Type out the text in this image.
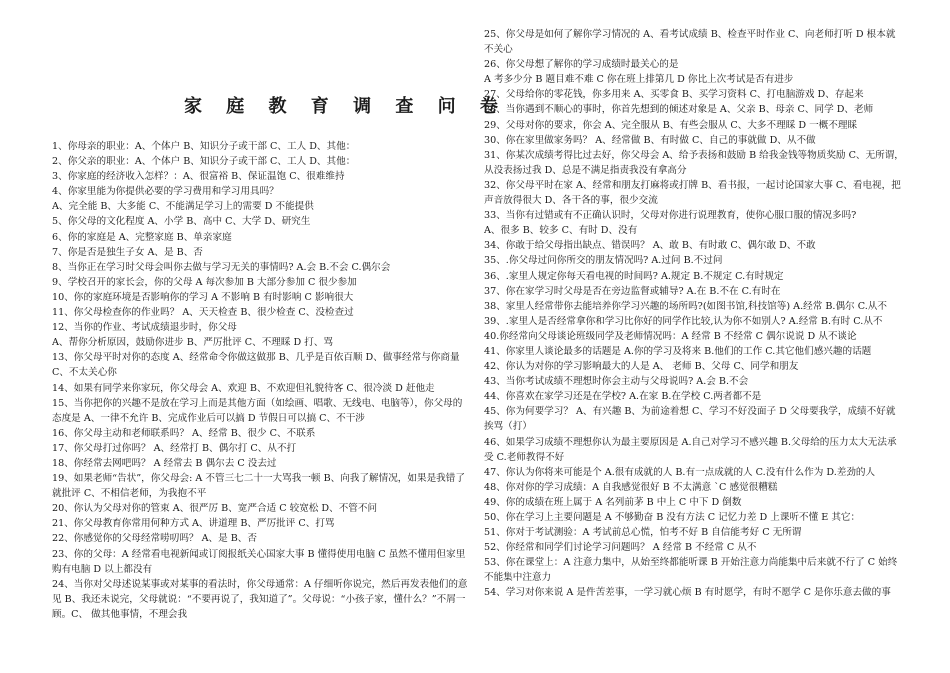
家 庭 教 育 调 查 问 卷

1、你母亲的职业：A、个体户 B、知识分子或干部 C、工人 D、其他：

2、你父亲的职业：A、个体户 B、知识分子或干部 C、工人 D、其他：

3、你家庭的经济收入怎样？：A、很富裕 B、保证温饱 C、很难维持

4、你家里能为你提供必要的学习费用和学习用具吗？

A、完全能 B、大多能 C、不能满足学习上的需要 D 不能提供

5、你父母的文化程度 A、小学 B、高中 C、大学 D、研究生

6、你的家庭是 A、完整家庭 B、单亲家庭

7、你是否是独生子女 A、是 B、否

8、当你正在学习时父母会叫你去做与学习无关的事情吗? A.会 B.不会 C.偶尔会

9、学校召开的家长会，你的父母 A 每次参加 B 大部分参加 C 很少参加

10、你的家庭环境是否影响你的学习 A 不影响 B 有时影响 C 影响很大

11、你父母检查你的作业吗？ A、天天检查 B、很少检查 C、没检查过

12、当你的作业、考试成绩退步时，你父母

A、帮你分析原因，鼓励你进步 B、严厉批评 C、不理睬 D 打、骂

13、你父母平时对你的态度 A、经常命令你做这做那 B、几乎是百依百顺 D、做事经常与你商量 C、不太关心你

14、如果有同学来你家玩，你父母会 A、欢迎 B、不欢迎但礼貌待客 C、很冷淡 D 赶他走

15、当你把你的兴趣不是放在学习上而是其他方面（如绘画、唱歌、无线电、电脑等），你父母的态度是 A、一律不允许 B、完成作业后可以搞 D 节假日可以搞 C、不干涉

16、你父母主动和老师联系吗？ A、经常 B、很少 C、不联系

17、你父母打过你吗？ A、经常打 B、偶尔打 C、从不打

18、你经常去网吧吗？ A 经常去 B 偶尔去 C 没去过

19、如果老师“告状”，你父母会: A 不管三七二十一大骂我一顿 B、向我了解情况，如果是我错了就批评 C、不相信老师，为我抱不平

20、你认为父母对你的管束 A、很严厉 B、宽严合适 C 较宽松 D、不管不问

21、你父母教育你常用何种方式 A、讲道理 B、严厉批评 C、打骂

22、你感觉你的父母经常唠叨吗？ A、是 B、否

23、你的父母：A 经常看电视新闻或订阅报纸关心国家大事 B 懂得使用电脑 C 虽然不懂用但家里购有电脑 D 以上都没有

24、当你对父母述说某事或对某事的看法时，你父母通常：A 仔细听你说完，然后再发表他们的意见 B、我还未说完，父母就说：“不要再说了，我知道了”。父母说：“小孩子家，懂什么？”不屑一顾。C、 做其他事情，不理会我

25、你父母是如何了解你学习情况的 A、看考试成绩 B、检查平时作业 C、向老师打听 D 根本就不关心

26、你父母想了解你的学习成绩时最关心的是

A 考多少分 B 题目难不难 C 你在班上排第几 D 你比上次考试是否有进步

27、父母给你的零花钱，你多用来 A、买零食 B、买学习资料 C、打电脑游戏 D、存起来

28、当你遇到不顺心的事时，你首先想到的倾述对象是 A、父亲 B、母亲 C、同学 D、老师

29、父母对你的要求，你会 A、完全服从 B、有些会服从 C、大多不理睬 D 一概不理睬

30、你在家里做家务吗？ A、经常做 B、有时做 C、自己的事就做 D、从不做

31、你某次成绩考得比过去好，你父母会 A、给予表扬和鼓励 B 给我金钱等物质奖励 C、无所谓，从没表扬过我 D、总是不满足指责我没有拿高分

32、你父母平时在家 A、经常和朋友打麻将或打牌 B、看书报，一起讨论国家大事 C、看电视，把声音放得很大 D、各干各的事，很少交流

33、当你有过错或有不正确认识时，父母对你进行说理教育，使你心服口服的情况多吗?

A、很多 B、较多 C、有时 D、没有

34、你敢于给父母指出缺点、错误吗？ A、敢 B、有时敢 C、偶尔敢 D、不敢

35、.你父母过问你所交的朋友情况吗? A.过问 B.不过问

36、.家里人规定你每天看电视的时间吗? A.规定 B.不规定 C.有时规定

37、你在家学习时父母是否在旁边监督或辅导? A.在 B.不在 C.有时在

38、家里人经常带你去能培养你学习兴趣的场所吗?(如图书馆,科技馆等) A.经常 B.偶尔 C.从不

39、.家里人是否经常拿你和学习比你好的同学作比较,认为你不如别人? A.经常 B.有时 C.从不

40.你经常向父母谈论班级同学及老师情况吗：A 经常 B 不经常 C 偶尔说说 D 从不谈论

41、你家里人谈论最多的话题是 A.你的学习及将来 B.他们的工作 C.其它他们感兴趣的话题

42、你认为对你的学习影响最大的人是 A、 老师 B、父母 C、同学和朋友

43、当你考试成绩不理想时你会主动与父母说吗? A.会 B.不会

44、你喜欢在家学习还是在学校? A.在家 B.在学校 C.两者都不是

45、你为何要学习？ A、有兴趣 B、为前途着想 C、学习不好没面子 D 父母要我学，成绩不好就挨骂（打）

46、如果学习成绩不理想你认为最主要原因是 A.自己对学习不感兴趣 B.父母给的压力太大无法承受 C.老师教得不好

47、你认为你将来可能是个 A.很有成就的人 B.有一点成就的人 C.没有什么作为 D.差劲的人

48、你对你的学习成绩：A 自我感觉很好 B 不太满意 `C 感觉很糟糕

49、你的成绩在班上属于 A 名列前茅 B 中上 C 中下 D 倒数

50、你在学习上主要问题是 A 不够勤奋 B 没有方法 C 记忆力差 D 上课听不懂 E 其它：

51、你对于考试测验：A 考试前总心慌，怕考不好 B 自信能考好 C 无所谓

52、你经常和同学们讨论学习问题吗？ A 经常 B 不经常 C 从不

53、你在课堂上：A 注意力集中，从始至终都能听课 B 开始注意力尚能集中后来就不行了 C 始终不能集中注意力

54、学习对你来说 A 是件苦差事，一学习就心烦 B 有时愿学，有时不愿学 C 是你乐意去做的事
